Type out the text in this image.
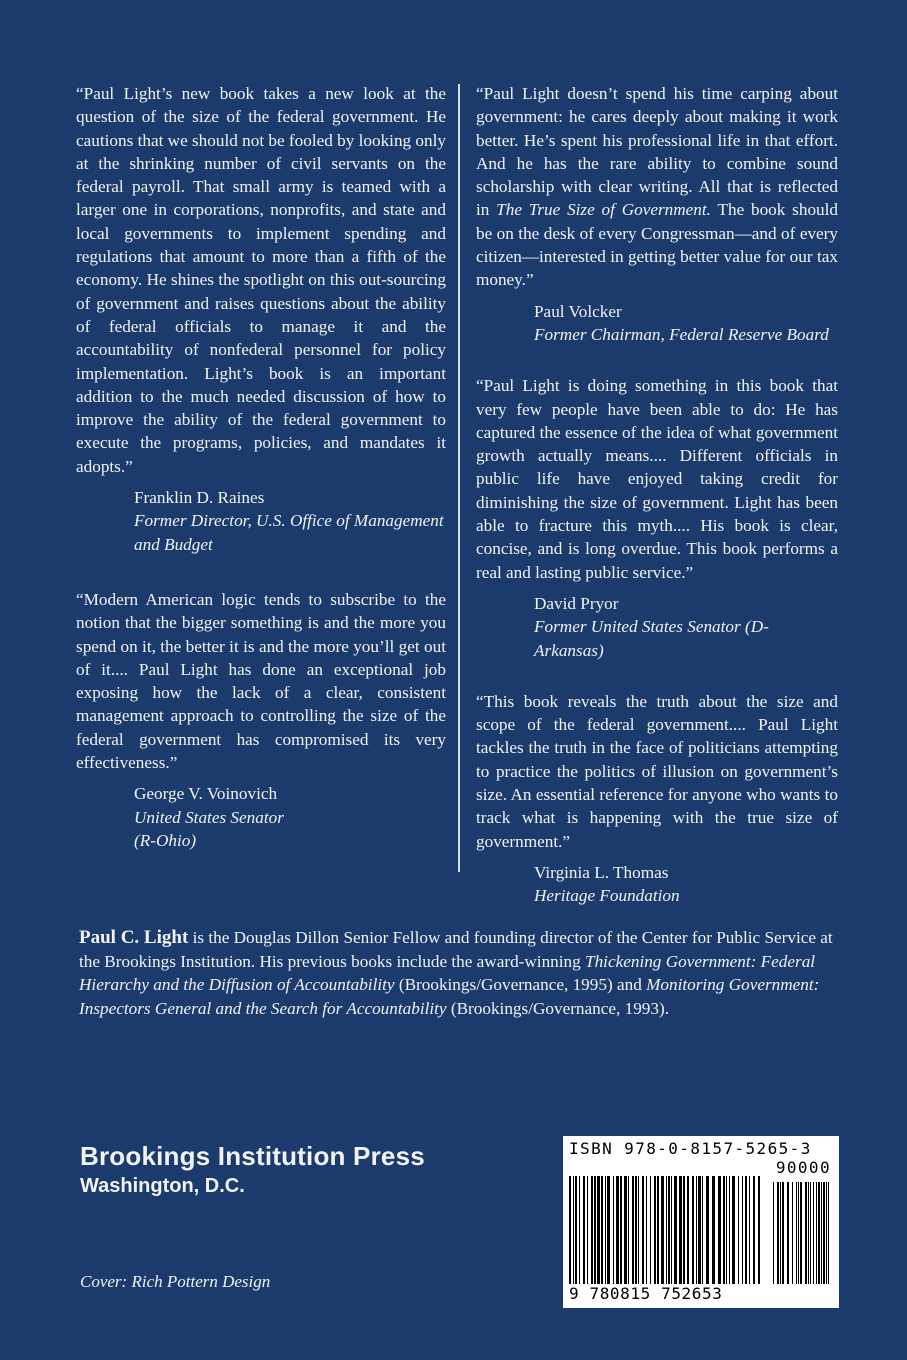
“Paul Light’s new book takes a new look at the question of the size of the federal government. He cautions that we should not be fooled by looking only at the shrinking number of civil servants on the federal payroll. That small army is teamed with a larger one in corporations, nonprofits, and state and local governments to implement spending and regulations that amount to more than a fifth of the economy. He shines the spotlight on this out-sourcing of government and raises questions about the ability of federal officials to manage it and the accountability of nonfederal personnel for policy implementation. Light’s book is an important addition to the much needed discussion of how to improve the ability of the federal government to execute the programs, policies, and mandates it adopts.”

Franklin D. Raines
Former Director, U.S. Office of Management and Budget

“Modern American logic tends to subscribe to the notion that the bigger something is and the more you spend on it, the better it is and the more you’ll get out of it.... Paul Light has done an exceptional job exposing how the lack of a clear, consistent management approach to controlling the size of the federal government has compromised its very effectiveness.”

George V. Voinovich
United States Senator (R-Ohio)

“Paul Light doesn’t spend his time carping about government: he cares deeply about making it work better. He’s spent his professional life in that effort. And he has the rare ability to combine sound scholarship with clear writing. All that is reflected in The True Size of Government. The book should be on the desk of every Congressman—and of every citizen—interested in getting better value for our tax money.”

Paul Volcker
Former Chairman, Federal Reserve Board

“Paul Light is doing something in this book that very few people have been able to do: He has captured the essence of the idea of what government growth actually means.... Different officials in public life have enjoyed taking credit for diminishing the size of government. Light has been able to fracture this myth.... His book is clear, concise, and is long overdue. This book performs a real and lasting public service.”

David Pryor
Former United States Senator (D-Arkansas)

“This book reveals the truth about the size and scope of the federal government.... Paul Light tackles the truth in the face of politicians attempting to practice the politics of illusion on government’s size. An essential reference for anyone who wants to track what is happening with the true size of government.”

Virginia L. Thomas
Heritage Foundation

Paul C. Light is the Douglas Dillon Senior Fellow and founding director of the Center for Public Service at the Brookings Institution. His previous books include the award-winning Thickening Government: Federal Hierarchy and the Diffusion of Accountability (Brookings/Governance, 1995) and Monitoring Government: Inspectors General and the Search for Accountability (Brookings/Governance, 1993).

Brookings Institution Press
Washington, D.C.
Cover: Rich Pottern Design
ISBN 978-0-8157-5265-3
90000
9 780815 752653
